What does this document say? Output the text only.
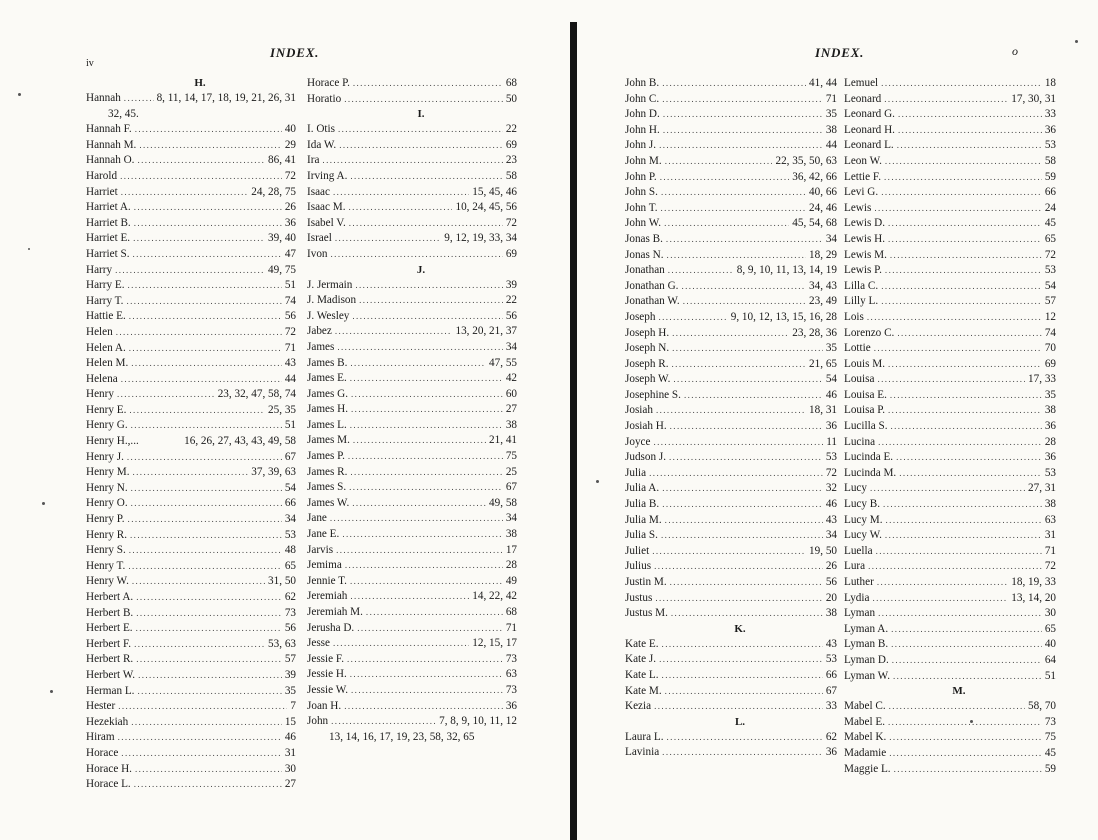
iv
INDEX.
H.
Hannah .....	8, 11, 14, 17, 18, 19, 21, 26, 31
32, 45.
Hannah F. .....	40
Hannah M. .....	29
Hannah O. .....	86, 41
Harold .....	72
Harriet .....	24, 28, 75
Harriet A. .....	26
Harriet B. .....	36
Harriet E. .....	39, 40
Harriet S. .....	47
Harry .....	49, 75
Harry E. .....	51
Harry T. .....	74
Hattie E. .....	56
Helen .....	72
Helen A. .....	71
Helen M. .....	43
Helena .....	44
Henry .....	23, 32, 47, 58, 74
Henry E. .....	25, 35
Henry G. .....	51
Henry H.,...	16, 26, 27, 43, 43, 49, 58
Henry J. .....	67
Henry M. .....	37, 39, 63
Henry N. .....	54
Henry O. .....	66
Henry P. .....	34
Henry R. .....	53
Henry S. .....	48
Henry T. .....	65
Henry W. .....	31, 50
Herbert A. .....	62
Herbert B. .....	73
Herbert E. .....	56
Herbert F. .....	53, 63
Herbert R. .....	57
Herbert W. .....	39
Herman L. .....	35
Hester .....	7
Hezekiah .....	15
Hiram .....	46
Horace .....	31
Horace H. .....	30
Horace L. .....	27
Horace P. .....	68
Horatio .....	50
I.
I. Otis .....	22
Ida W. .....	69
Ira .....	23
Irving A. .....	58
Isaac .....	15, 45, 46
Isaac M. .....	10, 24, 45, 56
Isabel V. .....	72
Israel .....	9, 12, 19, 33, 34
Ivon .....	69
J.
J. Jermain .....	39
J. Madison .....	22
J. Wesley .....	56
Jabez .....	13, 20, 21, 37
James .....	34
James B. .....	47, 55
James E. .....	42
James G. .....	60
James H. .....	27
James L. .....	38
James M. .....	21, 41
James P. .....	75
James R. .....	25
James S. .....	67
James W. .....	49, 58
Jane .....	34
Jane E. .....	38
Jarvis .....	17
Jemima .....	28
Jennie T. .....	49
Jeremiah .....	14, 22, 42
Jeremiah M. .....	68
Jerusha D. .....	71
Jesse .....	12, 15, 17
Jessie F. .....	73
Jessie H. .....	63
Jessie W. .....	73
Joan H. .....	36
John .....	7, 8, 9, 10, 11, 12
13, 14, 16, 17, 19, 23, 58, 32, 65
INDEX.	o
John B. .....	41, 44
John C. .....	71
John D. .....	35
John H. .....	38
John J. .....	44
John M. .....	22, 35, 50, 63
John P. .....	36, 42, 66
John S. .....	40, 66
John T. .....	24, 46
John W. .....	45, 54, 68
Jonas B. .....	34
Jonas N. .....	18, 29
Jonathan .....	8, 9, 10, 11, 13, 14, 19
Jonathan G. .....	34, 43
Jonathan W. .....	23, 49
Joseph .....	9, 10, 12, 13, 15, 16, 28
Joseph H. .....	23, 28, 36
Joseph N. .....	35
Joseph R. .....	21, 65
Joseph W. .....	54
Josephine S. .....	46
Josiah .....	18, 31
Josiah H. .....	36
Joyce .....	11
Judson J. .....	53
Julia .....	72
Julia A. .....	32
Julia B. .....	46
Julia M. .....	43
Julia S. .....	34
Juliet .....	19, 50
Julius .....	26
Justin M. .....	56
Justus .....	20
Justus M. .....	38
K.
Kate E. .....	43
Kate J. .....	53
Kate L. .....	66
Kate M. .....	67
Kezia .....	33
L.
Laura L. .....	62
Lavinia .....	36
Lemuel .....	18
Leonard .....	17, 30, 31
Leonard G. .....	33
Leonard H. .....	36
Leonard L. .....	53
Leon W. .....	58
Lettie F. .....	59
Levi G. .....	66
Lewis .....	24
Lewis D. .....	45
Lewis H. .....	65
Lewis M. .....	72
Lewis P. .....	53
Lilla C. .....	54
Lilly L. .....	57
Lois .....	12
Lorenzo C. .....	74
Lottie .....	70
Louis M. .....	69
Louisa .....	17, 33
Louisa E. .....	35
Louisa P. .....	38
Lucilla S. .....	36
Lucina .....	28
Lucinda E. .....	36
Lucinda M. .....	53
Lucy .....	27, 31
Lucy B. .....	38
Lucy M. .....	63
Lucy W. .....	31
Luella .....	71
Lura .....	72
Luther .....	18, 19, 33
Lydia .....	13, 14, 20
Lyman .....	30
Lyman A. .....	65
Lyman B. .....	40
Lyman D. .....	64
Lyman W. .....	51
M.
Mabel C. .....	58, 70
Mabel E. .....	73
Mabel K. .....	75
Madamie .....	45
Maggie L. .....	59
